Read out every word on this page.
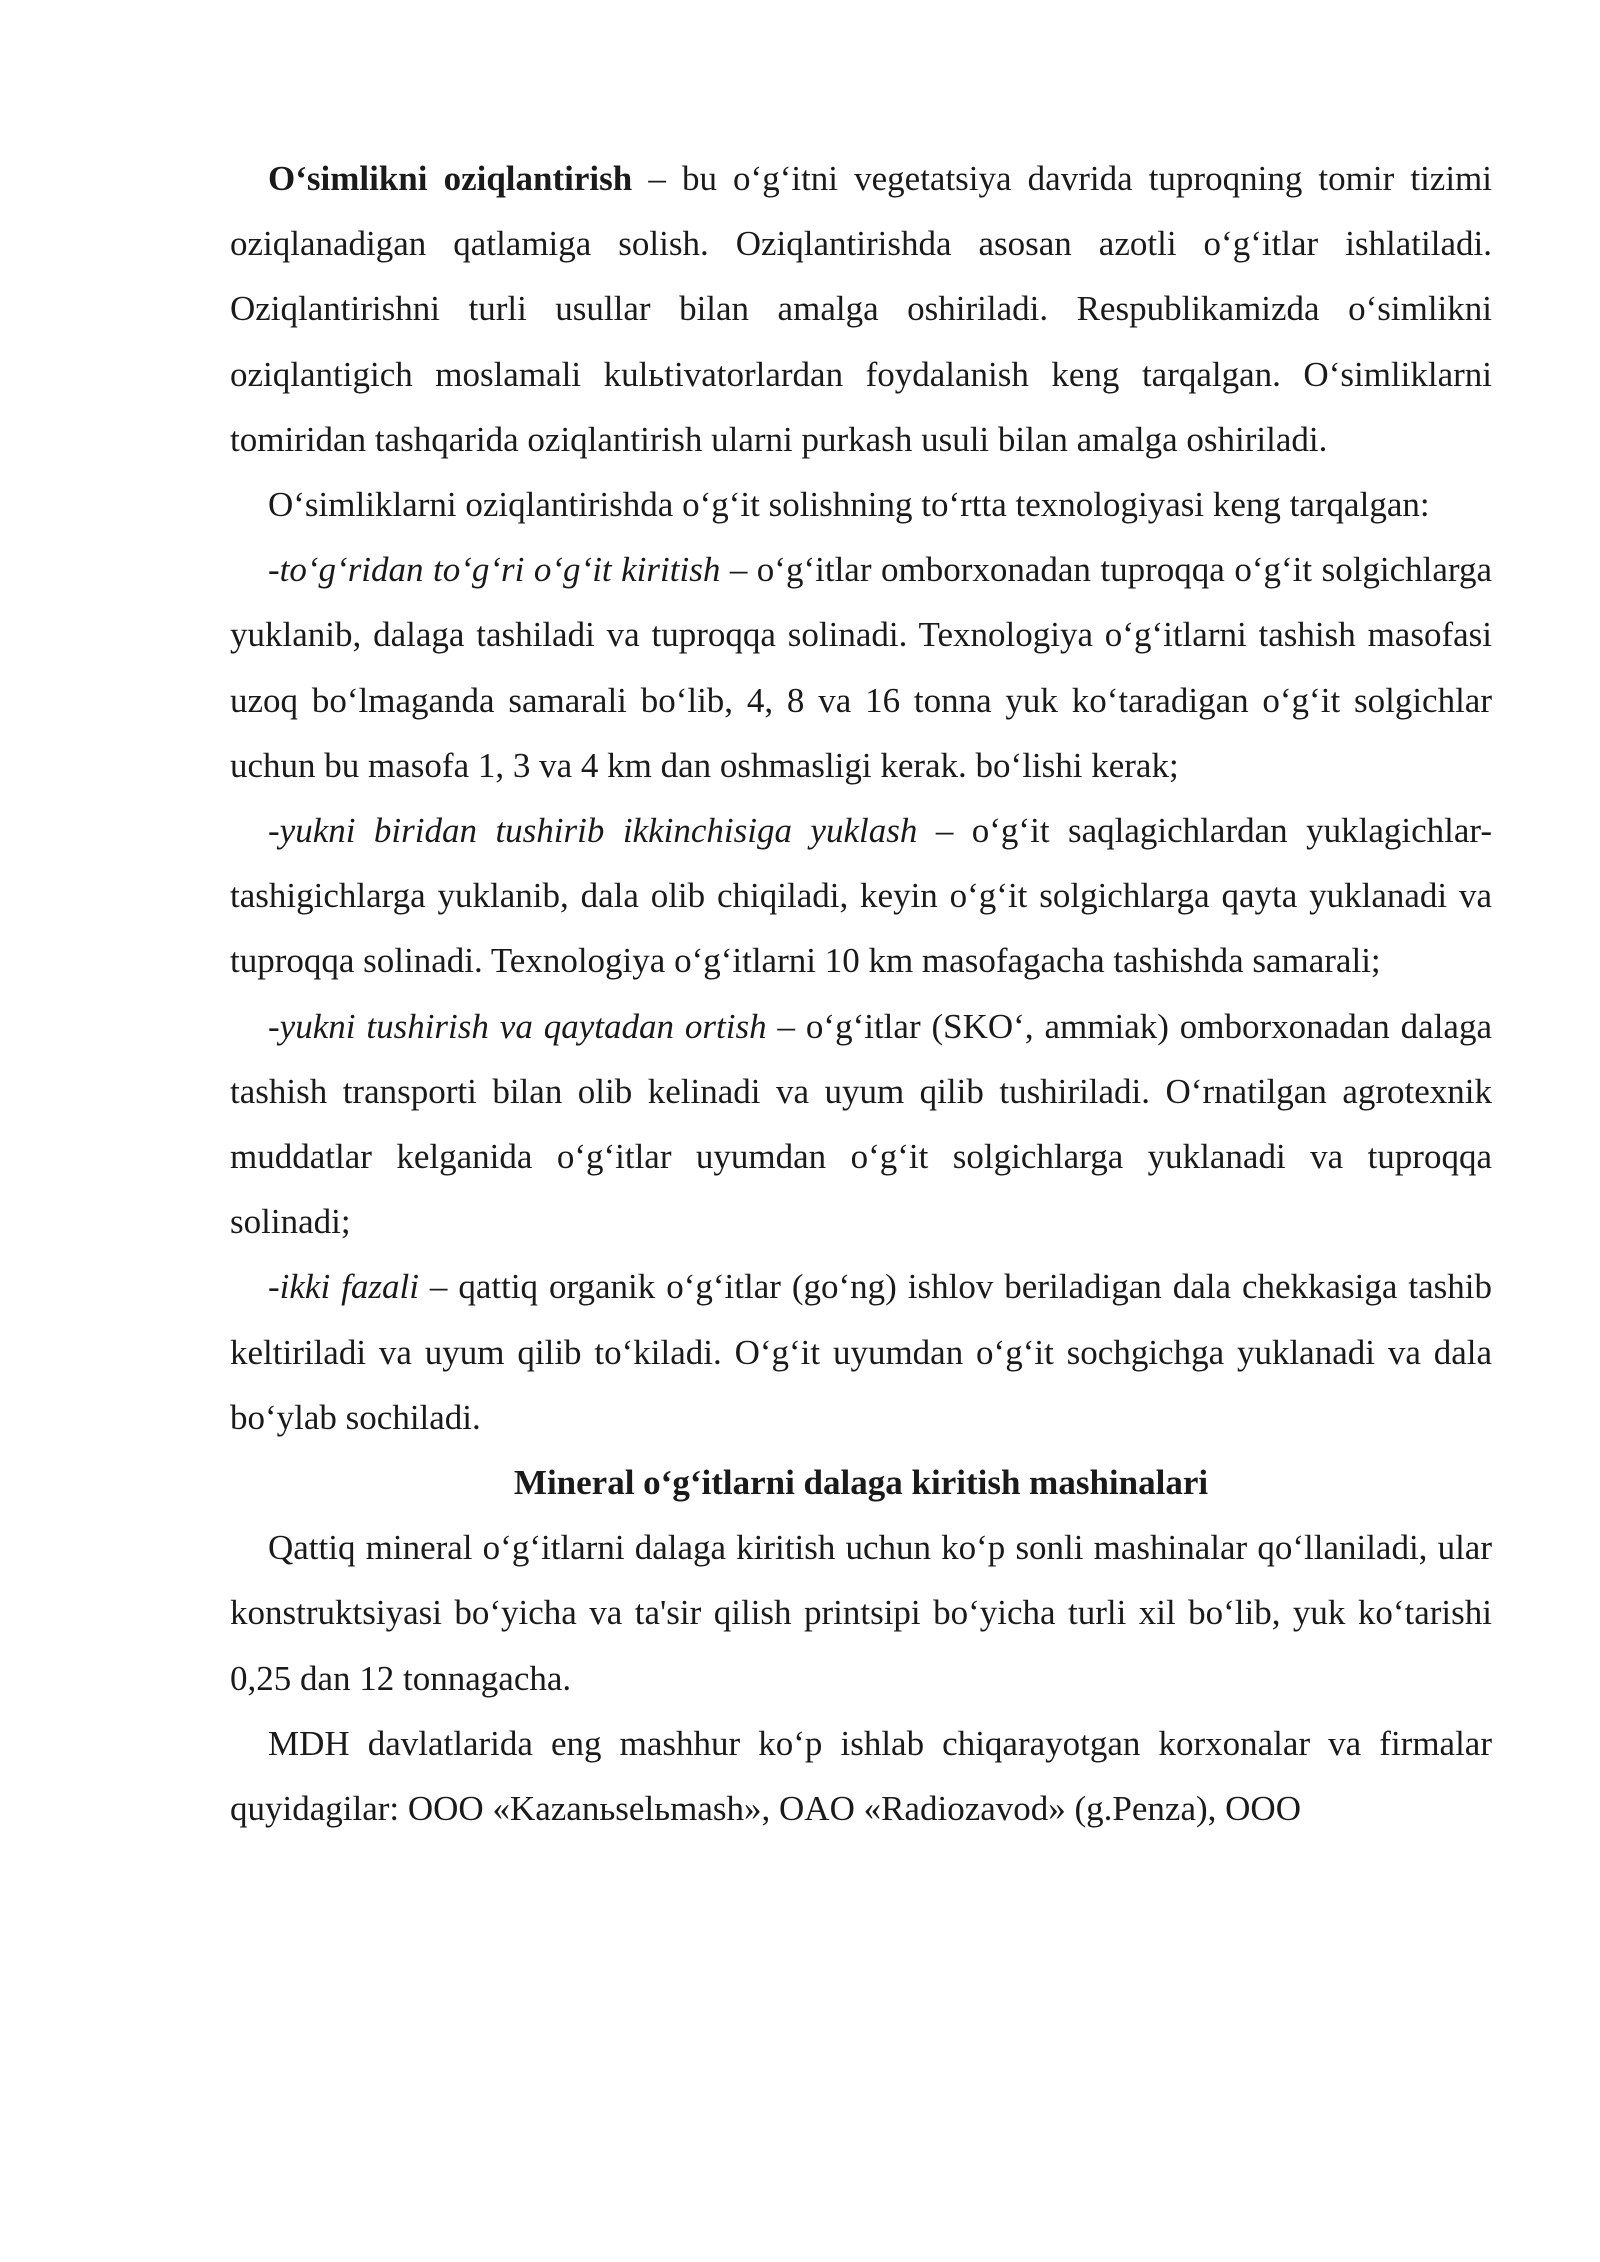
O‘simlikni oziqlantirish – bu o‘g‘itni vegetatsiya davrida tuproqning tomir tizimi oziqlanadigan qatlamiga solish. Oziqlantirishda asosan azotli o‘g‘itlar ishlatiladi. Oziqlantirishni turli usullar bilan amalga oshiriladi. Respublikamizda o‘simlikni oziqlantigich moslamali kulьtivatorlardan foydalanish keng tarqalgan. O‘simliklarni tomiridan tashqarida oziqlantirish ularni purkash usuli bilan amalga oshiriladi.

O‘simliklarni oziqlantirishda o‘g‘it solishning to‘rtta texnologiyasi keng tarqalgan:

-to‘g‘ridan to‘g‘ri o‘g‘it kiritish – o‘g‘itlar omborxonadan tuproqqa o‘g‘it solgichlarga yuklanib, dalaga tashiladi va tuproqqa solinadi. Texnologiya o‘g‘itlarni tashish masofasi uzoq bo‘lmaganda samarali bo‘lib, 4, 8 va 16 tonna yuk ko‘taradigan o‘g‘it solgichlar uchun bu masofa 1, 3 va 4 km dan oshmasligi kerak. bo‘lishi kerak;

-yukni biridan tushirib ikkinchisiga yuklash – o‘g‘it saqlagichlardan yuklagichlar-tashigichlarga yuklanib, dala olib chiqiladi, keyin o‘g‘it solgichlarga qayta yuklanadi va tuproqqa solinadi. Texnologiya o‘g‘itlarni 10 km masofagacha tashishda samarali;

-yukni tushirish va qaytadan ortish – o‘g‘itlar (SKO‘, ammiak) omborxonadan dalaga tashish transporti bilan olib kelinadi va uyum qilib tushiriladi. O‘rnatilgan agrotexnik muddatlar kelganida o‘g‘itlar uyumdan o‘g‘it solgichlarga yuklanadi va tuproqqa solinadi;

-ikki fazali – qattiq organik o‘g‘itlar (go‘ng) ishlov beriladigan dala chekkasiga tashib keltiriladi va uyum qilib to‘kiladi. O‘g‘it uyumdan o‘g‘it sochgichga yuklanadi va dala bo‘ylab sochiladi.

Mineral o‘g‘itlarni dalaga kiritish mashinalari

Qattiq mineral o‘g‘itlarni dalaga kiritish uchun ko‘p sonli mashinalar qo‘llaniladi, ular konstruktsiyasi bo‘yicha va ta'sir qilish printsipi bo‘yicha turli xil bo‘lib, yuk ko‘tarishi 0,25 dan 12 tonnagacha.

MDH davlatlarida eng mashhur ko‘p ishlab chiqarayotgan korxonalar va firmalar quyidagilar: OOO «Kazanьselьmash», OAO «Radiozavod» (g.Penza), OOO
